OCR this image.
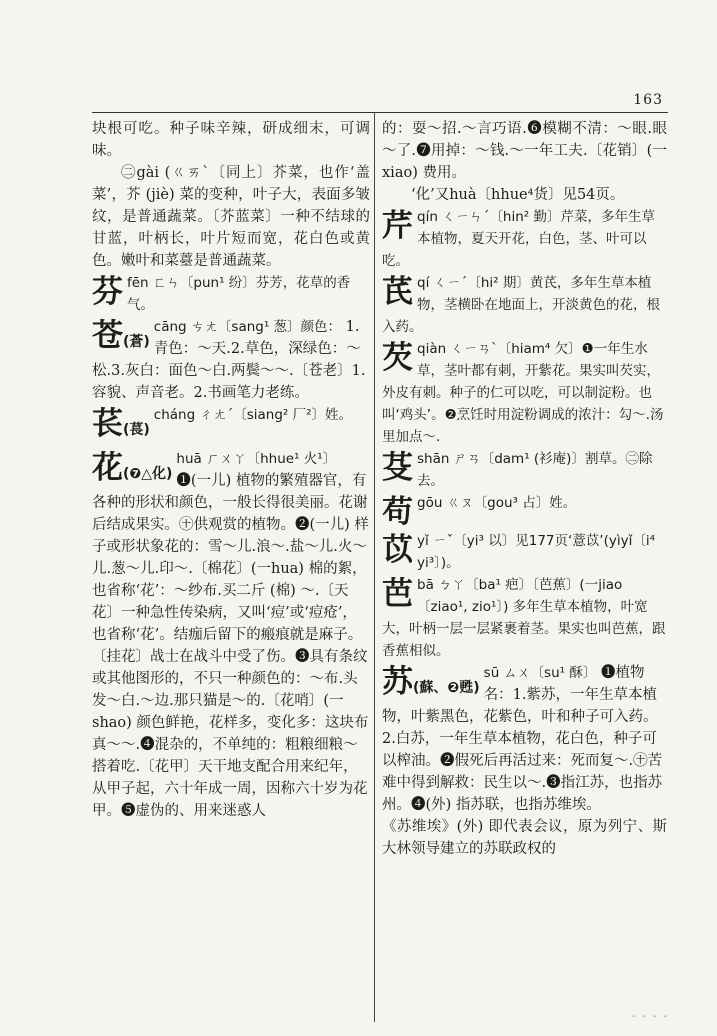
163

块根可吃。种子味辛辣，研成细末，可调味。

㊁gài (ㄍㄞˋ〔同上〕芥菜，也作‘盖菜’，芥 (jiè) 菜的变种，叶子大，表面多皱纹，是普通蔬菜。〔芥蓝菜〕一种不结球的甘蓝，叶柄长，叶片短而宽，花白色或黄色。嫩叶和菜薹是普通蔬菜。

芬 fēn ㄈㄣ〔pun¹ 纷〕芬芳，花草的香气。
苍(蒼)
cāng ㄘㄤ〔sang¹ 葱〕颜色： 1.青色：～天.2.草色，深绿色：～松.3.灰白：面色～白.两鬓～～.〔苍老〕1.容貌、声音老。2.书画笔力老练。
苌(萇)
cháng ㄔㄤˊ〔siang² 厂²〕姓。
花(❼△化)
huā ㄏㄨㄚ〔hhue¹ 火¹〕 ❶(一儿) 植物的繁殖器官，有各种的形状和颜色，一般长得很美丽。花谢后结成果实。㊉供观赏的植物。❷(一儿) 样子或形状象花的：雪～儿.浪～.盐～儿.火～儿.葱～儿.印～.〔棉花〕(一hua) 棉的絮，也省称‘花’：～纱布.买二斤 (棉) ～.〔天花〕一种急性传染病，又叫‘痘’或‘痘疮’，也省称‘花’。结痂后留下的瘢痕就是麻子。〔挂花〕战士在战斗中受了伤。❸具有条纹或其他图形的，不只一种颜色的：～布.头发～白.～边.那只猫是～的.〔花哨〕(一shao) 颜色鲜艳，花样多，变化多：这块布真～～.❹混杂的，不单纯的：粗粮细粮～搭着吃.〔花甲〕天干地支配合用来纪年，从甲子起，六十年成一周，因称六十岁为花甲。❺虚伪的、用来迷惑人

的：耍～招.～言巧语.❻模糊不清：～眼.眼～了.❼用掉：～钱.～一年工夫.〔花销〕(一xiao) 费用。

‘化’又huà〔hhue⁴货〕见54页。

芹 qín ㄑㄧㄣˊ〔hin² 勤〕芹菜，多年生草本植物，夏天开花，白色，茎、叶可以吃。
芪 qí ㄑㄧˊ〔hi² 期〕黄芪，多年生草本植物，茎横卧在地面上，开淡黄色的花，根入药。
芡 qiàn ㄑㄧㄢˋ〔hiam⁴ 欠〕❶一年生水草，茎叶都有刺，开紫花。果实叫芡实，外皮有刺。种子的仁可以吃，可以制淀粉。也叫‘鸡头’。❷烹饪时用淀粉调成的浓汁：勾～.汤里加点～.
芟 shān ㄕㄢ〔dam¹ (衫庵)〕割草。㊁除去。
苟 gōu ㄍㄡ〔gou³ 占〕姓。
苡 yǐ ㄧˇ〔yi³ 以〕见177页‘薏苡’(yìyǐ〔i⁴ yi³〕)。
芭 bā ㄅㄚ〔ba¹ 疤〕〔芭蕉〕(一jiao〔ziao¹, zio¹〕) 多年生草本植物，叶宽大，叶柄一层一层紧裹着茎。果实也叫芭蕉，跟香蕉相似。
苏(蘇、❷甦)
sū ㄙㄨ〔su¹ 酥〕 ❶植物名：1.紫苏，一年生草本植物，叶紫黑色，花紫色，叶和种子可入药。2.白苏，一年生草本植物，花白色，种子可以榨油。❷假死后再活过来：死而复～.㊉苦难中得到解救：民生以～.❸指江苏，也指苏州。❹(外) 指苏联，也指苏维埃。

《苏维埃》(外) 即代表会议，原为列宁、斯大林领导建立的苏联政权的

- - - -
